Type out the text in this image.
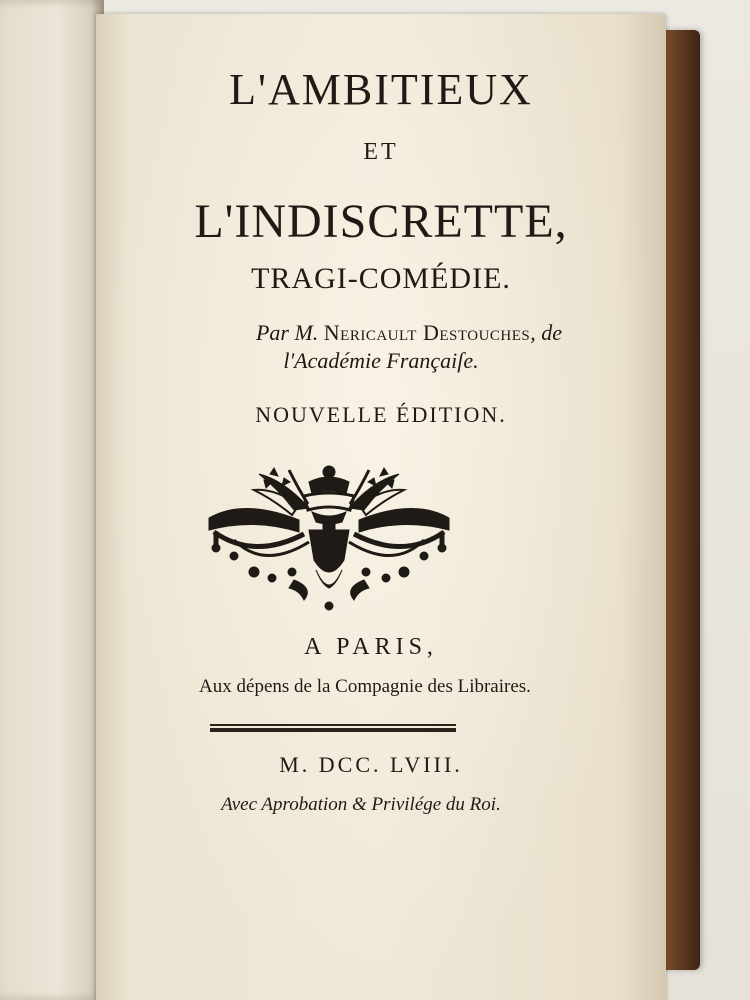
L'AMBITIEUX
ET
L'INDISCRETTE,
TRAGI-COMÉDIE.
Par M. Nericault Destouches, de
l'Académie Françaiſe.
NOUVELLE ÉDITION.
A PARIS,
Aux dépens de la Compagnie des Libraires.
M. DCC. LVIII.
Avec Aprobation & Privilége du Roi.
